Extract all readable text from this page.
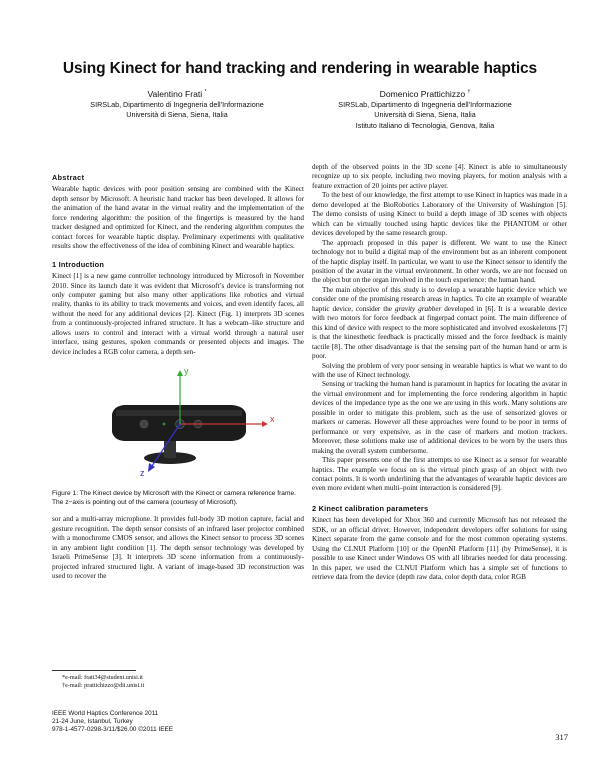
Using Kinect for hand tracking and rendering in wearable haptics
Valentino Frati *
SIRSLab, Dipartimento di Ingegneria dell’Informazione
Università di Siena, Siena, Italia
Domenico Prattichizzo †
SIRSLab, Dipartimento di Ingegneria dell’Informazione
Università di Siena, Siena, Italia
Istituto Italiano di Tecnologia, Genova, Italia
Abstract

Wearable haptic devices with poor position sensing are combined with the Kinect depth sensor by Microsoft. A heuristic hand tracker has been developed. It allows for the animation of the hand avatar in the virtual reality and the implementation of the force rendering algorithm: the position of the fingertips is measured by the hand tracker designed and optimized for Kinect, and the rendering algorithm computes the contact forces for wearable haptic display. Preliminary experiments with qualitative results show the effectiveness of the idea of combining Kinect and wearable haptics.

1 Introduction

Kinect [1] is a new game controller technology introduced by Microsoft in November 2010. Since its launch date it was evident that Microsoft’s device is transforming not only computer gaming but also many other applications like robotics and virtual reality, thanks to its ability to track movements and voices, and even identify faces, all without the need for any additional devices [2]. Kinect (Fig. 1) interprets 3D scenes from a continuously-projected infrared structure. It has a webcam–like structure and allows users to control and interact with a virtual world through a natural user interface, using gestures, spoken commands or presented objects and images. The device includes a RGB color camera, a depth sen-

x
y
z
Figure 1: The Kinect device by Microsoft with the Kinect or camera reference frame. The z−axis is pointing out of the camera (courtesy of Microsoft).

sor and a multi-array microphone. It provides full-body 3D motion capture, facial and gesture recognition. The depth sensor consists of an infrared laser projector combined with a monochrome CMOS sensor, and allows the Kinect sensor to process 3D scenes in any ambient light condition [1]. The depth sensor technology was developed by Israeli PrimeSense [3]. It interprets 3D scene information from a continuously-projected infrared structured light. A variant of image-based 3D reconstruction was used to recover the

depth of the observed points in the 3D scene [4]. Kinect is able to simultaneously recognize up to six people, including two moving players, for motion analysis with a feature extraction of 20 joints per active player.

To the best of our knowledge, the first attempt to use Kinect in haptics was made in a demo developed at the BioRobotics Laboratory of the University of Washington [5]. The demo consists of using Kinect to build a depth image of 3D scenes with objects which can be virtually touched using haptic devices like the PHANTOM or other devices developed by the same research group.

The approach proposed in this paper is different. We want to use the Kinect technology not to build a digital map of the environment but as an inherent component of the haptic display itself. In particular, we want to use the Kinect sensor to identify the position of the avatar in the virtual environment. In other words, we are not focused on the object but on the organ involved in the touch experience: the human hand.

The main objective of this study is to develop a wearable haptic device which we consider one of the promising research areas in haptics. To cite an example of wearable haptic device, consider the gravity grabber developed in [6]. It is a wearable device with two motors for force feedback at fingerpad contact point. The main difference of this kind of device with respect to the more sophisticated and involved exoskeletons [7] is that the kinesthetic feedback is practically missed and the force feedback is mainly tactile [8]. The other disadvantage is that the sensing part of the human hand or arm is poor.

Solving the problem of very poor sensing in wearable haptics is what we want to do with the use of Kinect technology.

Sensing or tracking the human hand is paramount in haptics for locating the avatar in the virtual environment and for implementing the force rendering algorithm in haptic devices of the impedance type as the one we are using in this work. Many solutions are possible in order to mitigate this problem, such as the use of sensorized gloves or markers or cameras. However all these approaches were found to be poor in terms of performance or very expensive, as in the case of markers and motion trackers. Moreover, these solutions make use of additional devices to be worn by the users thus making the overall system cumbersome.

This paper presents one of the first attempts to use Kinect as a sensor for wearable haptics. The example we focus on is the virtual pinch grasp of an object with two contact points. It is worth underlining that the advantages of wearable haptic devices are even more evident when multi–point interaction is considered [9].

2 Kinect calibration parameters

Kinect has been developed for Xbox 360 and currently Microsoft has not released the SDK, or an official driver. However, independent developers offer solutions for using Kinect separate from the game console and for the most common operating systems. Using the CLNUI Platform [10] or the OpenNI Platform [11] (by PrimeSense), it is possible to use Kinect under Windows OS with all libraries needed for data processing. In this paper, we used the CLNUI Platform which has a simple set of functions to retrieve data from the device (depth raw data, color depth data, color RGB

*e-mail: frati34@student.unisi.it
†e-mail: prattichizzo@dii.unisi.it
IEEE World Haptics Conference 2011
21-24 June, Istanbul, Turkey
978-1-4577-0298-3/11/$26.00 ©2011 IEEE
317
